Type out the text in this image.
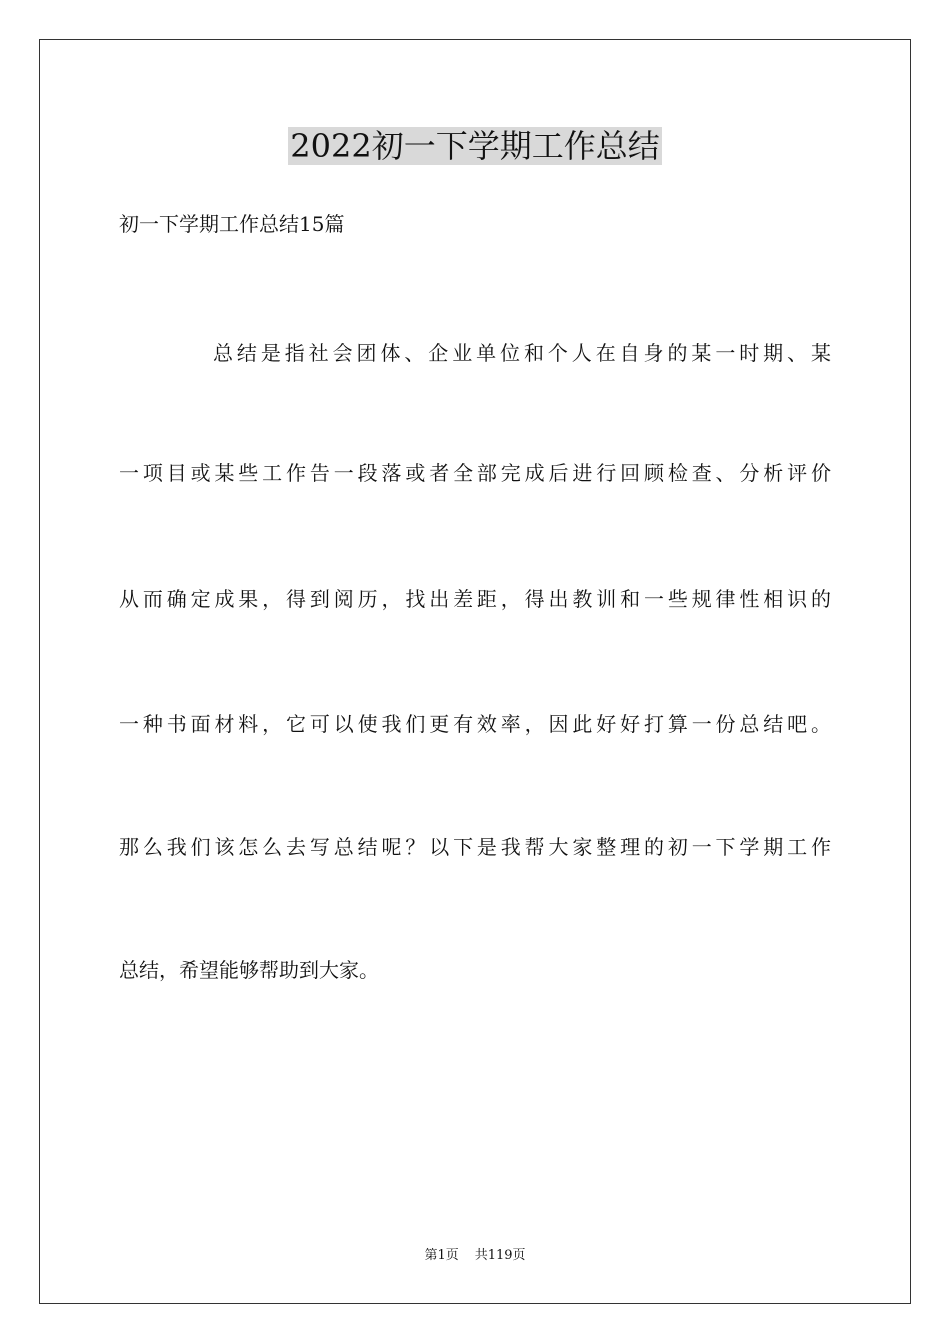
2022初一下学期工作总结
初一下学期工作总结15篇
总结是指社会团体、企业单位和个人在自身的某一时期、某
一项目或某些工作告一段落或者全部完成后进行回顾检查、分析评价
从而确定成果，得到阅历，找出差距，得出教训和一些规律性相识的
一种书面材料，它可以使我们更有效率，因此好好打算一份总结吧。
那么我们该怎么去写总结呢？以下是我帮大家整理的初一下学期工作
总结，希望能够帮助到大家。
第1页 共119页
